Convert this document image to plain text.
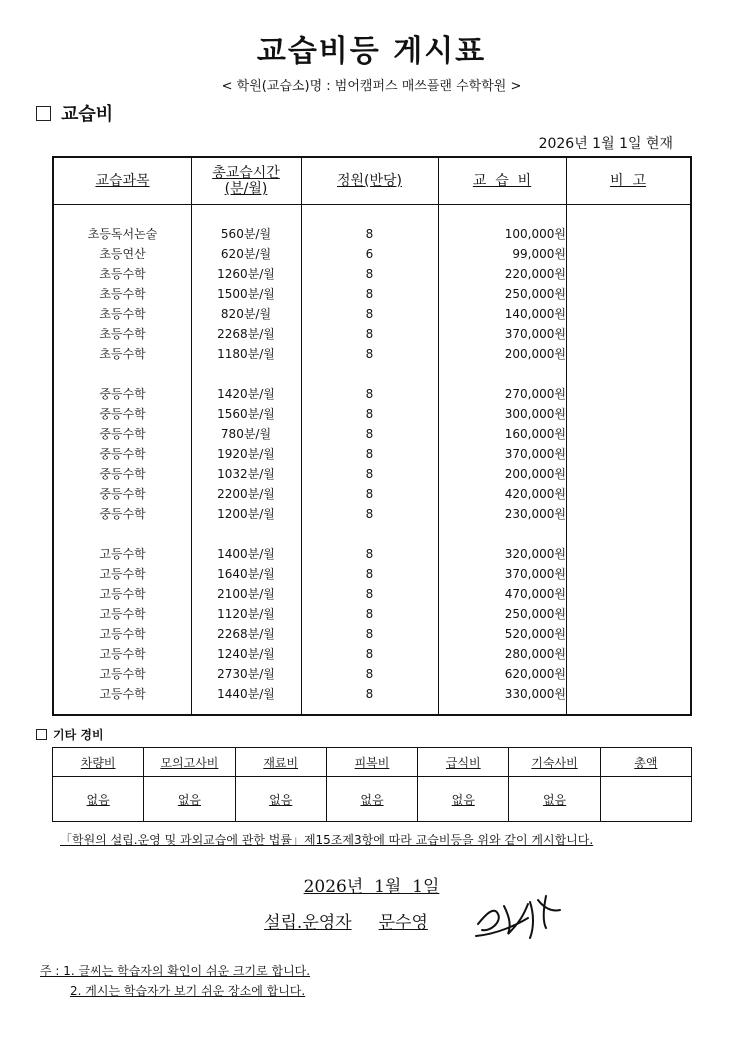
교습비등 게시표
< 학원(교습소)명 : 범어캠퍼스 매쓰플랜 수학학원 >
교습비
2026년 1월 1일 현재
교습과목	총교습시간
(분/월)	정원(반당)	교  습  비	비  고
초등독서논술	560분/월	8	100,000원
초등연산	620분/월	6	99,000원
초등수학	1260분/월	8	220,000원
초등수학	1500분/월	8	250,000원
초등수학	820분/월	8	140,000원
초등수학	2268분/월	8	370,000원
초등수학	1180분/월	8	200,000원
중등수학	1420분/월	8	270,000원
중등수학	1560분/월	8	300,000원
중등수학	780분/월	8	160,000원
중등수학	1920분/월	8	370,000원
중등수학	1032분/월	8	200,000원
중등수학	2200분/월	8	420,000원
중등수학	1200분/월	8	230,000원
고등수학	1400분/월	8	320,000원
고등수학	1640분/월	8	370,000원
고등수학	2100분/월	8	470,000원
고등수학	1120분/월	8	250,000원
고등수학	2268분/월	8	520,000원
고등수학	1240분/월	8	280,000원
고등수학	2730분/월	8	620,000원
고등수학	1440분/월	8	330,000원
기타 경비
차량비	모의고사비	재료비	피복비	급식비	기숙사비	총액
없음	없음	없음	없음	없음	없음	
「학원의 설립.운영 및 과외교습에 관한 법률」제15조제3항에 따라 교습비등을 위와 같이 게시합니다.
2026년  1월  1일
설립.운영자 문수영
주 : 1. 글씨는 학습자의 확인이 쉬운 크기로 합니다.
2. 게시는 학습자가 보기 쉬운 장소에 합니다.
